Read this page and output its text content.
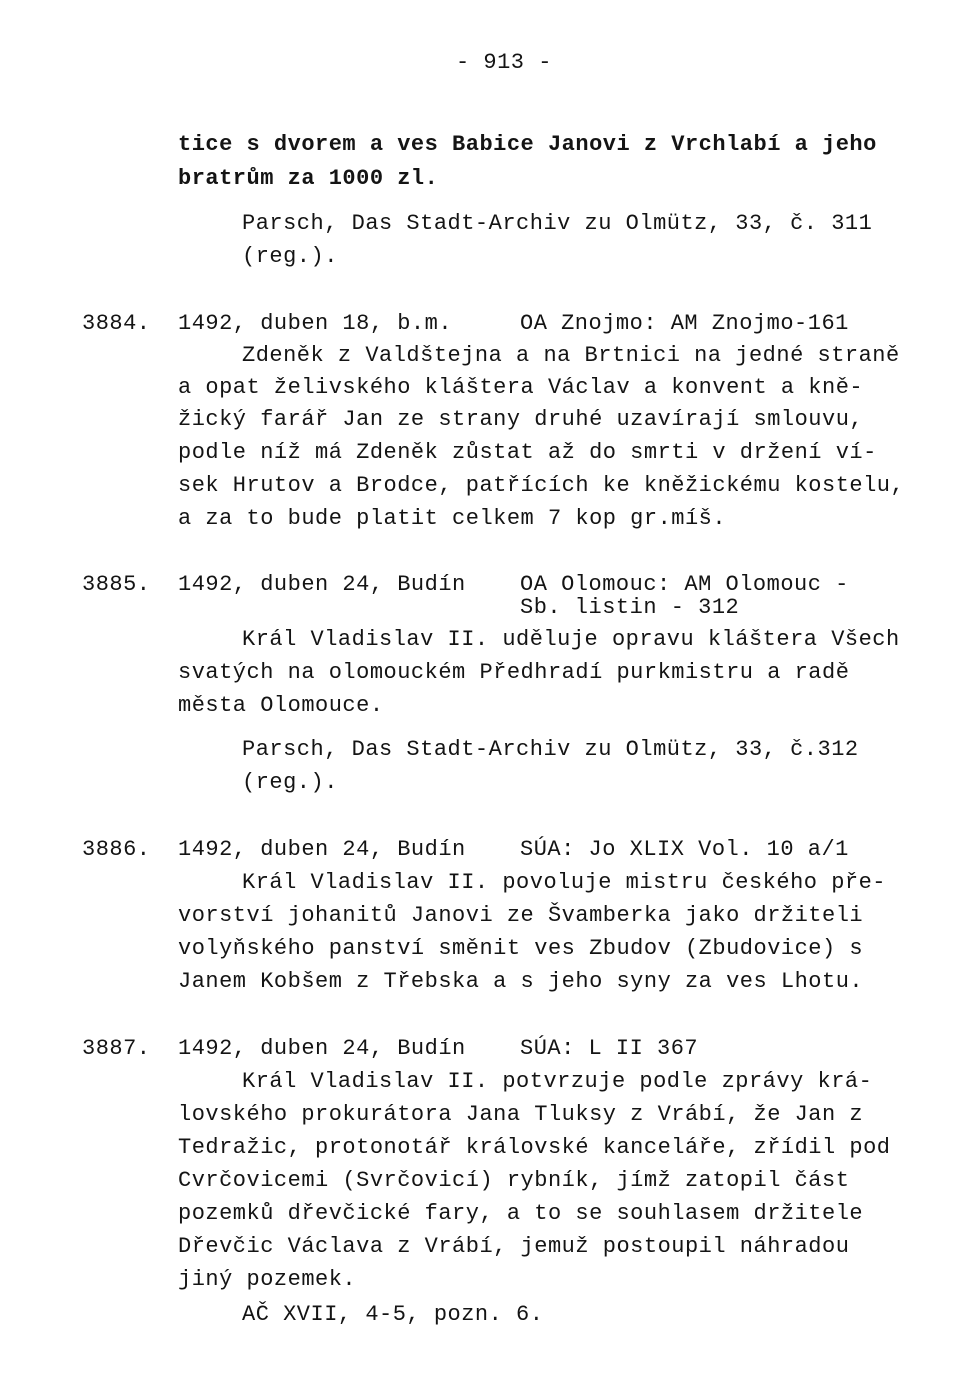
- 913 -
tice s dvorem a ves Babice Janovi z Vrchlabí a jeho
bratrům za 1000 zl.
Parsch, Das Stadt-Archiv zu Olmütz, 33, č. 311
(reg.).
3884. 1492, duben 18, b.m.	OA Znojmo: AM Znojmo-161
Zdeněk z Valdštejna a na Brtnici na jedné straně
a opat želivského kláštera Václav a konvent a kně-
žický farář Jan ze strany druhé uzavírají smlouvu,
podle níž má Zdeněk zůstat až do smrti v držení ví-
sek Hrutov a Brodce, patřících ke kněžickému kostelu,
a za to bude platit celkem 7 kop gr.míš.
3885. 1492, duben 24, Budín OA Olomouc: AM Olomouc -
Sb. listin - 312
Král Vladislav II. uděluje opravu kláštera Všech
svatých na olomouckém Předhradí purkmistru a radě
města Olomouce.
Parsch, Das Stadt-Archiv zu Olmütz, 33, č.312
(reg.).
3886. 1492, duben 24, Budín SÚA: Jo XLIX Vol. 10 a/1
Král Vladislav II. povoluje mistru českého pře-
vorství johanitů Janovi ze Švamberka jako držiteli
volyňského panství směnit ves Zbudov (Zbudovice) s
Janem Kobšem z Třebska a s jeho syny za ves Lhotu.
3887. 1492, duben 24, Budín SÚA: L II 367
Král Vladislav II. potvrzuje podle zprávy krá-
lovského prokurátora Jana Tluksy z Vrábí, že Jan z
Tedražic, protonotář královské kanceláře, zřídil pod
Cvrčovicemi (Svrčovicí) rybník, jímž zatopil část
pozemků dřevčické fary, a to se souhlasem držitele
Dřevčic Václava z Vrábí, jemuž postoupil náhradou
jiný pozemek.
AČ XVII, 4-5, pozn. 6.
